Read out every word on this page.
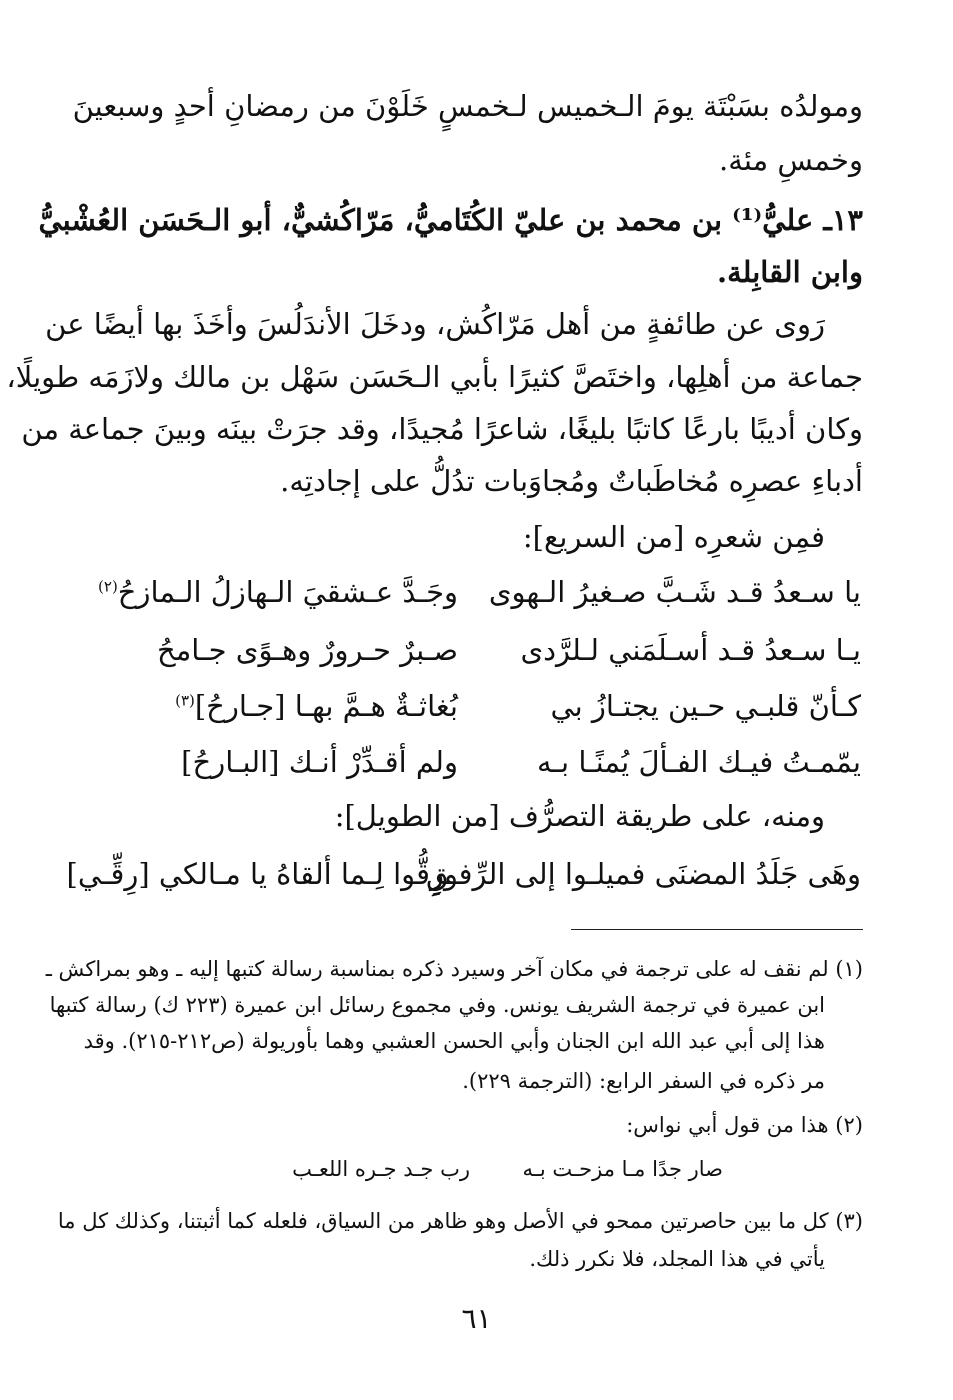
ومولدُه بسَبْتَة يومَ الـخميس لـخمسٍ خَلَوْنَ من رمضانِ أحدٍ وسبعينَ
وخمسِ مئة.
١٣ـ عليُّ⁽¹⁾ بن محمد بن عليّ الكُتَاميُّ، مَرّاكُشيٌّ، أبو الـحَسَن العُشْبيُّ
وابن القابِلة.
رَوى عن طائفةٍ من أهل مَرّاكُش، ودخَلَ الأندَلُسَ وأخَذَ بها أيضًا عن
جماعة من أهلِها، واختَصَّ كثيرًا بأبي الـحَسَن سَهْل بن مالك ولازَمَه طويلًا،
وكان أديبًا بارعًا كاتبًا بليغًا، شاعرًا مُجيدًا، وقد جرَتْ بينَه وبينَ جماعة من
أدباءِ عصرِه مُخاطَباتٌ ومُجاوَبات تدُلُّ على إجادتِه.
فمِن شعرِه [من السريع]:
يا سـعدُ قـد شَـبَّ صـغيرُ الـهوى
وجَـدَّ عـشقيَ الـهازلُ الـمازحُ$^{(٢)}$
يـا سـعدُ قـد أسـلَمَني لـلرَّدى
صـبرٌ حـرورٌ وهـوًى جـامحُ
كـأنّ قلبـي حـين يجتـازُ بي
بُغاثـةٌ هـمَّ بهـا [جـارحُ]$^{(٣)}$
يمّمـتُ فيـك الفـألَ يُمنًـا بـه
ولم أقـدِّرْ أنـك [البـارحُ]
ومنه، على طريقة التصرُّف [من الطويل]:
وهَى جَلَدُ المضنَى فميلـوا إلى الرِّفـقِ
ورِقُّوا لِـما ألقاهُ يا مـالكي [رِقِّـي]
(١) لم نقف له على ترجمة في مكان آخر وسيرد ذكره بمناسبة رسالة كتبها إليه ـ وهو بمراكش ـ
ابن عميرة في ترجمة الشريف يونس. وفي مجموع رسائل ابن عميرة (٢٢٣ ك) رسالة كتبها
هذا إلى أبي عبد الله ابن الجنان وأبي الحسن العشبي وهما بأوريولة (ص٢١٢-٢١٥). وقد
مر ذكره في السفر الرابع: (الترجمة ٢٢٩).
(٢) هذا من قول أبي نواس:
صار جدًا مـا مزحـت بـه
رب جـد جـره اللعـب
(٣) كل ما بين حاصرتين ممحو في الأصل وهو ظاهر من السياق، فلعله كما أثبتنا، وكذلك كل ما
يأتي في هذا المجلد، فلا نكرر ذلك.
٦١
